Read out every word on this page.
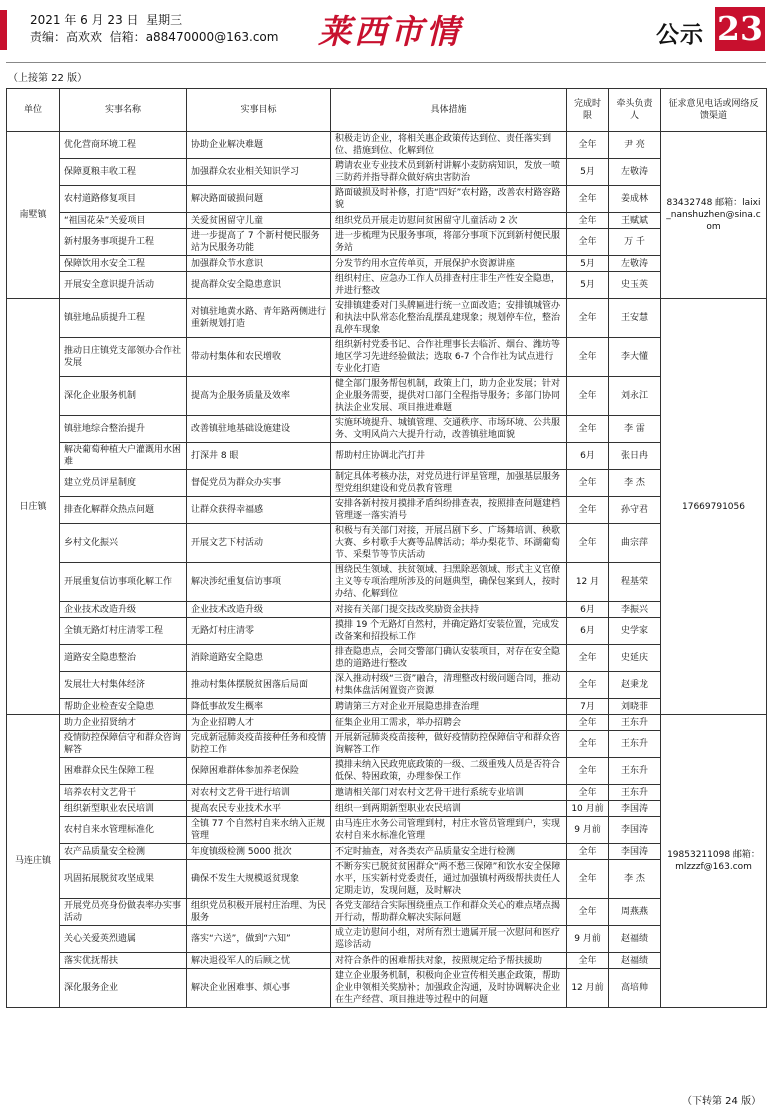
2021 年 6 月 23 日 星期三
责编：高欢欢 信箱：a88470000@163.com 莱西市情	公示 23
（上接第 22 版）
单位	实事名称	实事目标	具体措施	完成时限	牵头负责人	征求意见电话或网络反馈渠道
南墅镇	优化营商环境工程	协助企业解决难题	积极走访企业，将相关惠企政策传达到位、责任落实到位、措施到位、化解到位	全年	尹 亮	83432748 邮箱：laixi_nanshuzhen@sina.com
	保障夏粮丰收工程	加强群众农业相关知识学习	聘请农业专业技术员到新村讲解小麦防病知识，发放一喷三防药并指导群众做好病虫害防治	5月	左敬涛	
	农村道路修复项目	解决路面破损问题	路面破损及时补修，打造“四好”农村路，改善农村路容路貌	全年	姜成林	
	“祖国花朵”关爱项目	关爱贫困留守儿童	组织党员开展走访慰问贫困留守儿童活动 2 次	全年	王赋斌	
	新村服务事项提升工程	进一步提高了 7 个新村便民服务站为民服务功能	进一步梳理为民服务事项，将部分事项下沉到新村便民服务站	全年	万 千	
	保障饮用水安全工程	加强群众节水意识	分发节约用水宣传单页，开展保护水资源讲座	5月	左敬涛	
	开展安全意识提升活动	提高群众安全隐患意识	组织村庄、应急办工作人员排查村庄非生产性安全隐患，并进行整改	5月	史玉英	
日庄镇	镇驻地品质提升工程	对镇驻地黄水路、青年路两侧进行重新规划打造	安排镇建委对门头牌匾进行统一立面改造；安排镇城管办和执法中队常态化整治乱摆乱建现象；规划停车位，整治乱停车现象	全年	王安慧	17669791056
	推动日庄镇党支部领办合作社发展	带动村集体和农民增收	组织新村党委书记、合作社理事长去临沂、烟台、潍坊等地区学习先进经验做法；选取 6-7 个合作社为试点进行专业化打造	全年	李大懂	
	深化企业服务机制	提高为企服务质量及效率	健全部门服务帮包机制，政策上门，助力企业发展；针对企业服务需要，提供对口部门全程指导服务；多部门协同执法企业发展、项目推进难题	全年	刘永江	
	镇驻地综合整治提升	改善镇驻地基础设施建设	实施环境提升、城镇管理、交通秩序、市场环境、公共服务、文明风尚六大提升行动，改善镇驻地面貌	全年	李 雷	
	解决葡萄种植大户灌溉用水困难	打深井 8 眼	帮助村庄协调北汽打井	6月	张日冉	
	建立党员评星制度	督促党员为群众办实事	制定具体考核办法，对党员进行评星管理，加强基层服务型党组织建设和党员教育管理	全年	李 杰	
	排查化解群众热点问题	让群众获得幸福感	安排各新村按月摸排矛盾纠纷排查表，按照排查问题建档管理逐一落实消号	全年	孙守君	
	乡村文化振兴	开展文艺下村活动	积极与有关部门对接，开展吕剧下乡、广场舞培训、秧歌大赛、乡村歌手大赛等品牌活动；举办梨花节、环湖葡萄节、采梨节等节庆活动	全年	曲宗萍	
	开展重复信访事项化解工作	解决涉纪重复信访事项	围绕民生领域、扶贫领域、扫黑除恶领域、形式主义官僚主义等专项治理所涉及的问题典型，确保包案到人，按时办结、化解到位	12 月	程基荣	
	企业技术改造升级	企业技术改造升级	对接有关部门提交技改奖励资金扶持	6月	李振兴	
	全镇无路灯村庄清零工程	无路灯村庄清零	摸排 19 个无路灯自然村，并确定路灯安装位置，完成发改备案和招投标工作	6月	史学家	
	道路安全隐患整治	消除道路安全隐患	排查隐患点，会同交警部门确认安装项目，对存在安全隐患的道路进行整改	全年	史延庆	
	发展壮大村集体经济	推动村集体摆脱贫困落后局面	深入推动村级“三资”融合，清理整改村级问题合同，推动村集体盘活闲置资产资源	全年	赵秉龙	
	帮助企业检查安全隐患	降低事故发生概率	聘请第三方对企业开展隐患排查治理	7月	刘晓菲	
马连庄镇	助力企业招贤纳才	为企业招聘人才	征集企业用工需求，举办招聘会	全年	王东升	19853211098 邮箱：mlzzzf@163.com
	疫情防控保障信守和群众咨询解答	完成新冠肺炎疫苗接种任务和疫情防控工作	开展新冠肺炎疫苗接种，做好疫情防控保障信守和群众咨询解答工作	全年	王东升	
	困难群众民生保障工程	保障困难群体参加养老保险	摸排未纳入民政兜底政策的一级、二级重残人员是否符合低保、特困政策，办理参保工作	全年	王东升	
	培养农村文艺骨干	对农村文艺骨干进行培训	邀请相关部门对农村文艺骨干进行系统专业培训	全年	王东升	
	组织新型职业农民培训	提高农民专业技术水平	组织一到两期新型职业农民培训	10 月前	李国涛	
	农村自来水管理标准化	全镇 77 个自然村自来水纳入正规管理	由马连庄水务公司管理到村，村庄水管员管理到户，实现农村自来水标准化管理	9 月前	李国涛	
	农产品质量安全检测	年度镇级检测 5000 批次	不定时抽查，对各类农产品质量安全进行检测	全年	李国涛	
	巩固拓展脱贫攻坚成果	确保不发生大规模返贫现象	不断夯实已脱贫贫困群众“两不愁三保障”和饮水安全保障水平，压实新村党委责任，通过加强镇村两级帮扶责任人定期走访，发现问题，及时解决	全年	李 杰	
	开展党员亮身份做表率办实事活动	组织党员积极开展村庄治理、为民服务	各党支部结合实际围绕重点工作和群众关心的难点堵点揭开行动，帮助群众解决实际问题	全年	周燕燕	
	关心关爱英烈遗属	落实“六送”，做到“六知”	成立走访慰问小组，对所有烈士遗属开展一次慰问和医疗巡诊活动	9 月前	赵福绩	
	落实优抚帮扶	解决退役军人的后顾之忧	对符合条件的困难帮扶对象，按照规定给予帮扶援助	全年	赵福绩	
	深化服务企业	解决企业困难事、烦心事	建立企业服务机制，积极向企业宣传相关惠企政策，帮助企业申领相关奖励补；加强政企沟通，及时协调解决企业在生产经营、项目推进等过程中的问题	12 月前	高培帅	
（下转第 24 版）
